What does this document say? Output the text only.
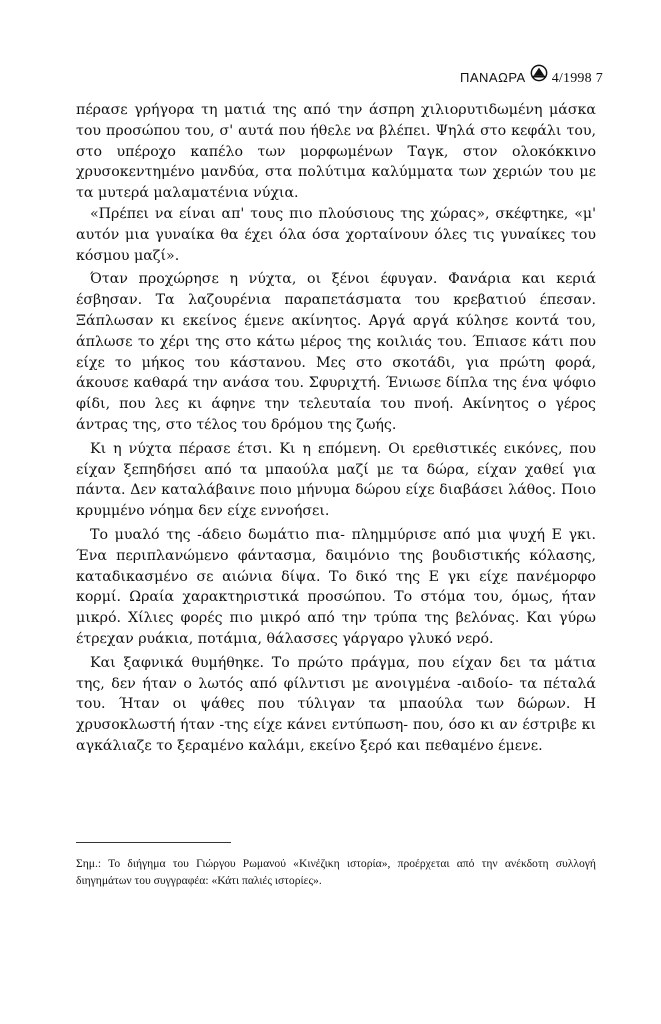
ΠΑΝΑΩΡΑ 4/1998 7

πέρασε γρήγορα τη ματιά της από την άσπρη χιλιορυτιδωμένη μάσκα του προσώπου του, σ' αυτά που ήθελε να βλέπει. Ψηλά στο κεφάλι του, στο υπέροχο καπέλο των μορφωμένων Ταγκ, στον ολοκόκκινο χρυσοκεντημένο μανδύα, στα πολύτιμα καλύμματα των χεριών του με τα μυτερά μαλαματένια νύχια.

«Πρέπει να είναι απ' τους πιο πλούσιους της χώρας», σκέφτηκε, «μ' αυτόν μια γυναίκα θα έχει όλα όσα χορταίνουν όλες τις γυναίκες του κόσμου μαζί».

Όταν προχώρησε η νύχτα, οι ξένοι έφυγαν. Φανάρια και κεριά έσβησαν. Τα λαζουρένια παραπετάσματα του κρεβατιού έπεσαν. Ξάπλωσαν κι εκείνος έμενε ακίνητος. Αργά αργά κύλησε κοντά του, άπλωσε το χέρι της στο κάτω μέρος της κοιλιάς του. Έπιασε κάτι που είχε το μήκος του κάστανου. Μες στο σκοτάδι, για πρώτη φορά, άκουσε καθαρά την ανάσα του. Σφυριχτή. Ένιωσε δίπλα της ένα ψόφιο φίδι, που λες κι άφηνε την τελευταία του πνοή. Ακίνητος ο γέρος άντρας της, στο τέλος του δρόμου της ζωής.

Κι η νύχτα πέρασε έτσι. Κι η επόμενη. Οι ερεθιστικές εικόνες, που είχαν ξεπηδήσει από τα μπαούλα μαζί με τα δώρα, είχαν χαθεί για πάντα. Δεν καταλάβαινε ποιο μήνυμα δώρου είχε διαβάσει λάθος. Ποιο κρυμμένο νόημα δεν είχε εννοήσει.

Το μυαλό της -άδειο δωμάτιο πια- πλημμύρισε από μια ψυχή Ε γκι. Ένα περιπλανώμενο φάντασμα, δαιμόνιο της βουδιστικής κόλασης, καταδικασμένο σε αιώνια δίψα. Το δικό της Ε γκι είχε πανέμορφο κορμί. Ωραία χαρακτηριστικά προσώπου. Το στόμα του, όμως, ήταν μικρό. Χίλιες φορές πιο μικρό από την τρύπα της βελόνας. Και γύρω έτρεχαν ρυάκια, ποτάμια, θάλασσες γάργαρο γλυκό νερό.

Και ξαφνικά θυμήθηκε. Το πρώτο πράγμα, που είχαν δει τα μάτια της, δεν ήταν ο λωτός από φίλντισι με ανοιγμένα -αιδοίο- τα πέταλά του. Ήταν οι ψάθες που τύλιγαν τα μπαούλα των δώρων. Η χρυσοκλωστή ήταν -της είχε κάνει εντύπωση- που, όσο κι αν έστριβε κι αγκάλιαζε το ξεραμένο καλάμι, εκείνο ξερό και πεθαμένο έμενε.

Σημ.: Το διήγημα του Γιώργου Ρωμανού «Κινέζικη ιστορία», προέρχεται από την ανέκδοτη συλλογή διηγημάτων του συγγραφέα: «Κάτι παλιές ιστορίες».
